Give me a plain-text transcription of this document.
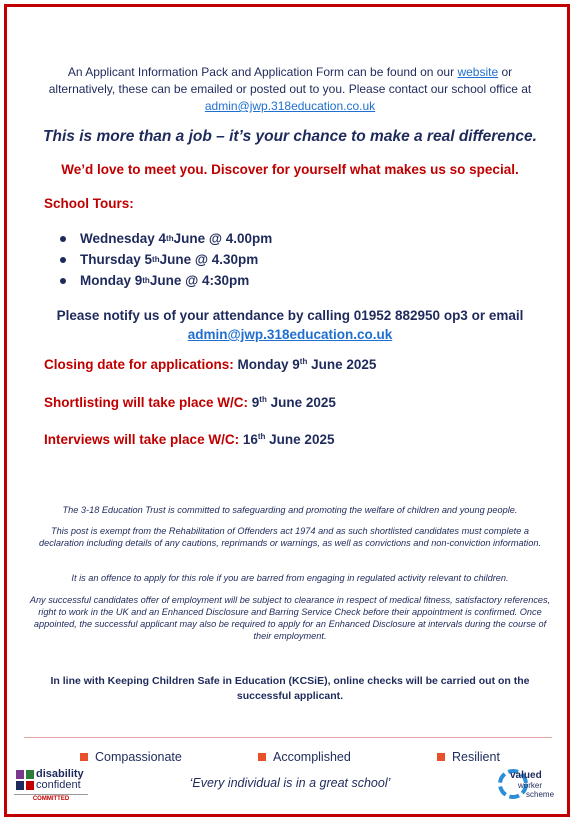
An Applicant Information Pack and Application Form can be found on our website or
alternatively, these can be emailed or posted out to you. Please contact our school office at
admin@jwp.318education.co.uk
This is more than a job – it’s your chance to make a real difference.
We’d love to meet you. Discover for yourself what makes us so special.
School Tours:
Wednesday 4 th June @ 4.00pm
Thursday 5 th June @ 4.30pm
Monday 9 th June @ 4:30pm
Please notify us of your attendance by calling 01952 882950 op3 or email
admin@jwp.318education.co.uk
Closing date for applications: Monday 9th June 2025
Shortlisting will take place W/C: 9th June 2025
Interviews will take place W/C: 16th June 2025
The 3-18 Education Trust is committed to safeguarding and promoting the welfare of children and young people.
This post is exempt from the Rehabilitation of Offenders act 1974 and as such shortlisted candidates must complete a declaration including details of any cautions, reprimands or warnings, as well as convictions and non-conviction information.
It is an offence to apply for this role if you are barred from engaging in regulated activity relevant to children.
Any successful candidates offer of employment will be subject to clearance in respect of medical fitness, satisfactory references, right to work in the UK and an Enhanced Disclosure and Barring Service Check before their appointment is confirmed. Once appointed, the successful applicant may also be required to apply for an Enhanced Disclosure at intervals during the course of their employment.
In line with Keeping Children Safe in Education (KCSiE), online checks will be carried out on the successful applicant.
Compassionate	Accomplished	Resilient
‘Every individual is in a great school’
disability
confident
COMMITTED
valued
worker
scheme
